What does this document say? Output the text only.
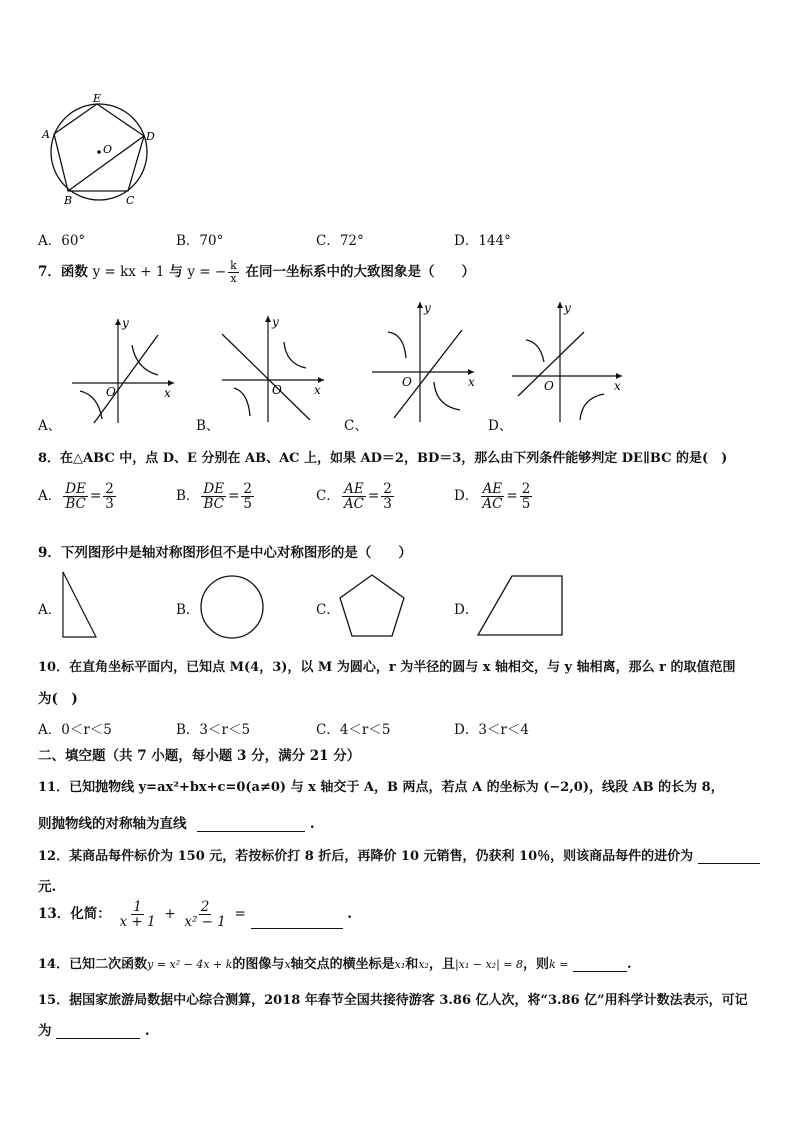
E
A	D
O
B	C
A．60°	B．70°	C．72°	D．144°
7．函数 y = kx + 1 与 y = − $\frac{k}{x}$ 在同一坐标系中的大致图象是（　　）
y
x
O
y
x
O
y
x
O
y
x
O
A、	B、	C、	D、
8．在△ABC 中，点 D、E 分别在 AB、AC 上，如果 AD＝2，BD＝3，那么由下列条件能够判定 DE∥BC 的是(　)
A． $\frac{DE}{BC} = \frac{2}{3}$	B． $\frac{DE}{BC} = \frac{2}{5}$	C． $\frac{AE}{AC} = \frac{2}{3}$	D． $\frac{AE}{AC} = \frac{2}{5}$
9．下列图形中是轴对称图形但不是中心对称图形的是（　　）
A．	B．	C．	D．
10．在直角坐标平面内，已知点 M(4，3)，以 M 为圆心，r 为半径的圆与 x 轴相交，与 y 轴相离，那么 r 的取值范围
为(　)
A．0＜r＜5	B．3＜r＜5	C．4＜r＜5	D．3＜r＜4
二、填空题（共 7 小题，每小题 3 分，满分 21 分）
11．已知抛物线 y=ax²+bx+c=0(a≠0) 与 x 轴交于 A，B 两点，若点 A 的坐标为 (−2,0)，线段 AB 的长为 8，
则抛物线的对称轴为直线	.
12．某商品每件标价为 150 元，若按标价打 8 折后，再降价 10 元销售，仍获利 10％，则该商品每件的进价为
元.
13．化简： $\frac{1}{x + 1} + \frac{2}{\text{x² − 1}}$ =	.
14．已知二次函数y = x² − 4x + k的图像与x轴交点的横坐标是x₁和x₂，且|x₁ − x₂| = 8，则k =	.
15．据国家旅游局数据中心综合测算，2018 年春节全国共接待游客 3.86 亿人次，将“3.86 亿”用科学计数法表示，可记
为	.
